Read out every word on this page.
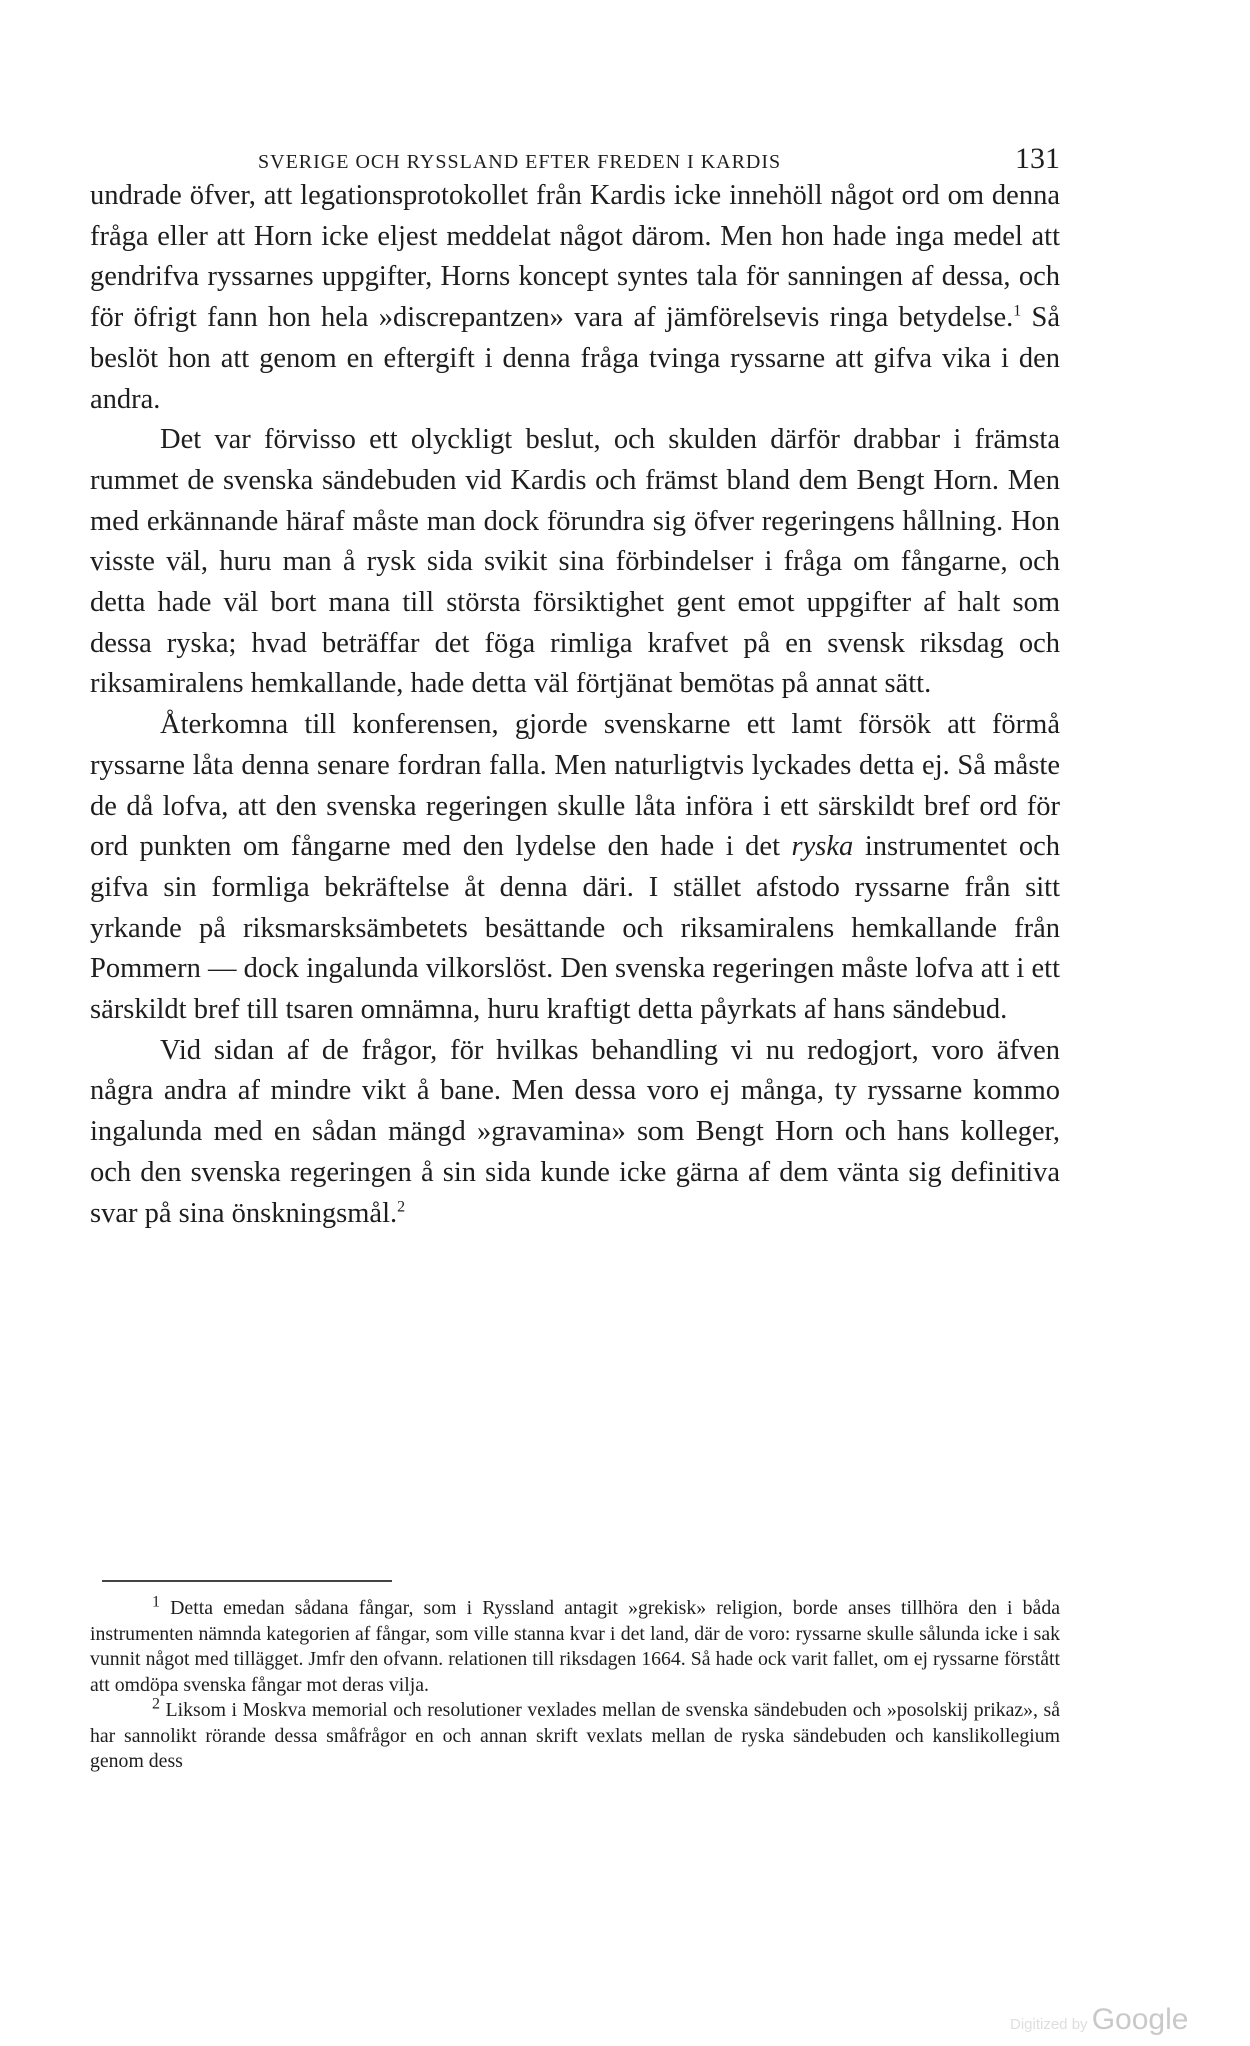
SVERIGE OCH RYSSLAND EFTER FREDEN I KARDIS	131

undrade öfver, att legationsprotokollet från Kardis icke innehöll något ord om denna fråga eller att Horn icke eljest meddelat något därom. Men hon hade inga medel att gendrifva ryssarnes uppgifter, Horns koncept syntes tala för sanningen af dessa, och för öfrigt fann hon hela »discrepantzen» vara af jämförelsevis ringa betydelse.$^1$ Så beslöt hon att genom en eftergift i denna fråga tvinga ryssarne att gifva vika i den andra.

Det var förvisso ett olyckligt beslut, och skulden därför drabbar i främsta rummet de svenska sändebuden vid Kardis och främst bland dem Bengt Horn. Men med erkännande häraf måste man dock förundra sig öfver regeringens hållning. Hon visste väl, huru man å rysk sida svikit sina förbindelser i fråga om fångarne, och detta hade väl bort mana till största försiktighet gent emot uppgifter af halt som dessa ryska; hvad beträffar det föga rimliga krafvet på en svensk riksdag och riksamiralens hemkallande, hade detta väl förtjänat bemötas på annat sätt.

Återkomna till konferensen, gjorde svenskarne ett lamt försök att förmå ryssarne låta denna senare fordran falla. Men naturligtvis lyckades detta ej. Så måste de då lofva, att den svenska regeringen skulle låta införa i ett särskildt bref ord för ord punkten om fångarne med den lydelse den hade i det ryska instrumentet och gifva sin formliga bekräftelse åt denna däri. I stället afstodo ryssarne från sitt yrkande på riksmarsksämbetets besättande och riksamiralens hemkallande från Pommern — dock ingalunda vilkorslöst. Den svenska regeringen måste lofva att i ett särskildt bref till tsaren omnämna, huru kraftigt detta påyrkats af hans sändebud.

Vid sidan af de frågor, för hvilkas behandling vi nu redogjort, voro äfven några andra af mindre vikt å bane. Men dessa voro ej många, ty ryssarne kommo ingalunda med en sådan mängd »gravamina» som Bengt Horn och hans kolleger, och den svenska regeringen å sin sida kunde icke gärna af dem vänta sig definitiva svar på sina önskningsmål.$^2$

$^1$ Detta emedan sådana fångar, som i Ryssland antagit »grekisk» religion, borde anses tillhöra den i båda instrumenten nämnda kategorien af fångar, som ville stanna kvar i det land, där de voro: ryssarne skulle sålunda icke i sak vunnit något med tillägget. Jmfr den ofvann. relationen till riksdagen 1664. Så hade ock varit fallet, om ej ryssarne förstått att omdöpa svenska fångar mot deras vilja.

$^2$ Liksom i Moskva memorial och resolutioner vexlades mellan de svenska sändebuden och »posolskij prikaz», så har sannolikt rörande dessa småfrågor en och annan skrift vexlats mellan de ryska sändebuden och kanslikollegium genom dess

Digitized by Google
